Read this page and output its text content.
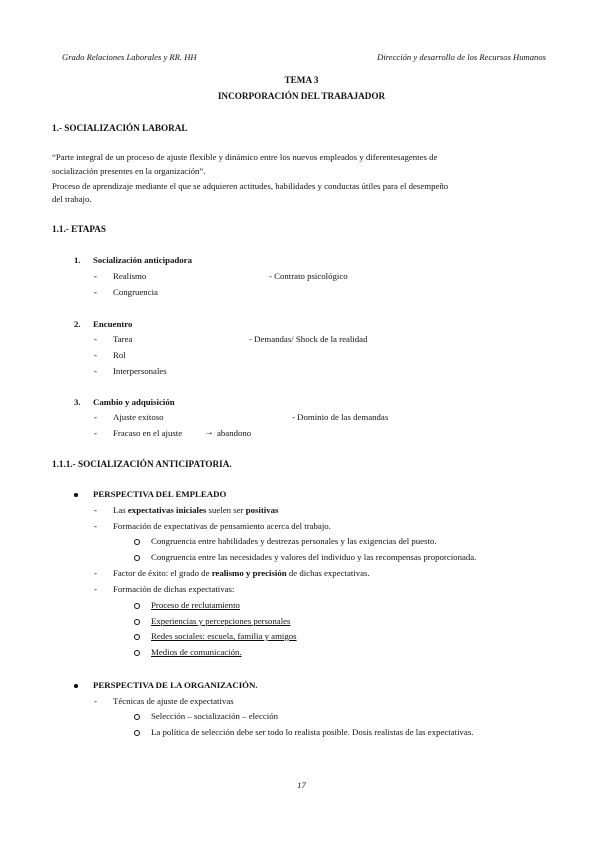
Grado Relaciones Laborales y RR. HH	Dirección y desarrollo de los Recursos Humanos
TEMA 3
INCORPORACIÓN DEL TRABAJADOR
1.- SOCIALIZACIÓN LABORAL
“Parte integral de un proceso de ajuste flexible y dinámico entre los nuevos empleados y diferentesagentes de
socialización presentes en la organización”.
Proceso de aprendizaje mediante el que se adquieren actitudes, habilidades y conductas útiles para el desempeño
del trabajo.
1.1.- ETAPAS
1. Socialización anticipadora
- Realismo	- Contrato psicológico
- Congruencia
2. Encuentro
- Tarea	- Demandas/ Shock de la realidad
- Rol
- Interpersonales
3. Cambio y adquisición
- Ajuste exitoso	- Dominio de las demandas
- Fracaso en el ajuste → abandono
1.1.1.- SOCIALIZACIÓN ANTICIPATORIA.
PERSPECTIVA DEL EMPLEADO
- Las expectativas iniciales suelen ser positivas
- Formación de expectativas de pensamiento acerca del trabajo.
Congruencia entre habilidades y destrezas personales y las exigencias del puesto.
Congruencia entre las necesidades y valores del individuo y las recompensas proporcionada.
- Factor de éxito: el grado de realismo y precisión de dichas expectativas.
- Formación de dichas expectativas:
Proceso de reclutamiento
Experiencias y percepciones personales
Redes sociales: escuela, familia y amigos
Medios de comunicación.
PERSPECTIVA DE LA ORGANIZACIÓN.
- Técnicas de ajuste de expectativas
Selección – socialización – elección
La política de selección debe ser todo lo realista posible. Dosis realistas de las expectativas.
17
